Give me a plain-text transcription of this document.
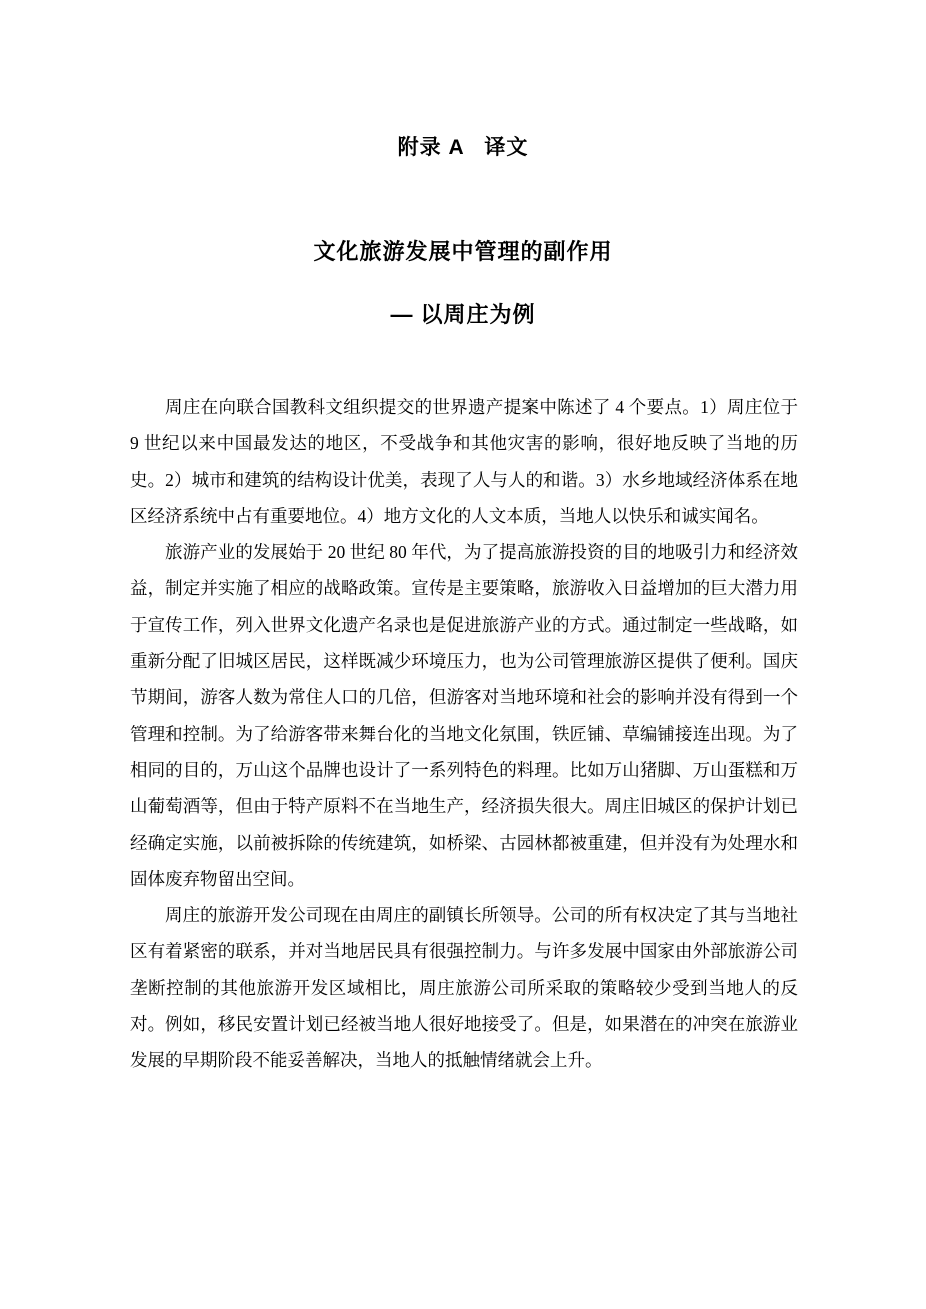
附录 A   译文
文化旅游发展中管理的副作用
— 以周庄为例

周庄在向联合国教科文组织提交的世界遗产提案中陈述了 4 个要点。1）周庄位于 9 世纪以来中国最发达的地区，不受战争和其他灾害的影响，很好地反映了当地的历史。2）城市和建筑的结构设计优美，表现了人与人的和谐。3）水乡地域经济体系在地区经济系统中占有重要地位。4）地方文化的人文本质，当地人以快乐和诚实闻名。

旅游产业的发展始于 20 世纪 80 年代，为了提高旅游投资的目的地吸引力和经济效益，制定并实施了相应的战略政策。宣传是主要策略，旅游收入日益增加的巨大潜力用于宣传工作，列入世界文化遗产名录也是促进旅游产业的方式。通过制定一些战略，如重新分配了旧城区居民，这样既减少环境压力，也为公司管理旅游区提供了便利。国庆节期间，游客人数为常住人口的几倍，但游客对当地环境和社会的影响并没有得到一个管理和控制。为了给游客带来舞台化的当地文化氛围，铁匠铺、草编铺接连出现。为了相同的目的，万山这个品牌也设计了一系列特色的料理。比如万山猪脚、万山蛋糕和万山葡萄酒等，但由于特产原料不在当地生产，经济损失很大。周庄旧城区的保护计划已经确定实施，以前被拆除的传统建筑，如桥梁、古园林都被重建，但并没有为处理水和固体废弃物留出空间。

周庄的旅游开发公司现在由周庄的副镇长所领导。公司的所有权决定了其与当地社区有着紧密的联系，并对当地居民具有很强控制力。与许多发展中国家由外部旅游公司垄断控制的其他旅游开发区域相比，周庄旅游公司所采取的策略较少受到当地人的反对。例如，移民安置计划已经被当地人很好地接受了。但是，如果潜在的冲突在旅游业发展的早期阶段不能妥善解决，当地人的抵触情绪就会上升。
